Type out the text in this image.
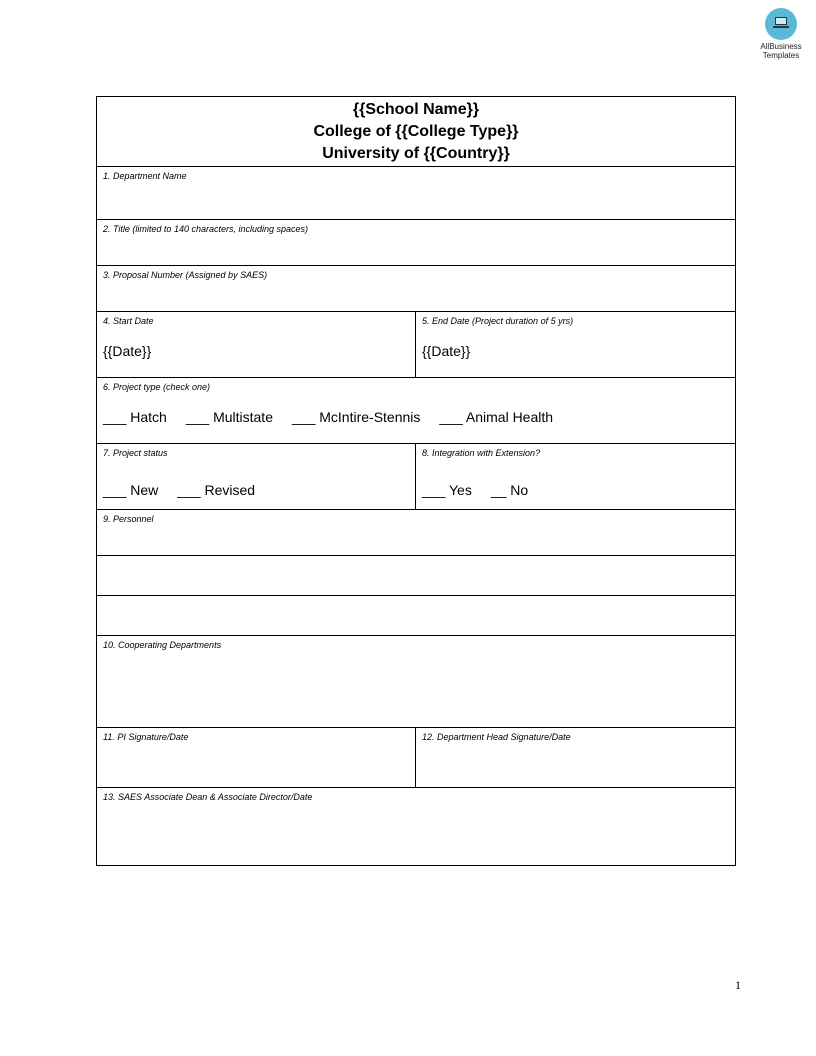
AllBusiness
Templates
{{School Name}}
College of {{College Type}}
University of {{Country}}
1. Department Name
2. Title (limited to 140 characters, including spaces)
3. Proposal Number (Assigned by SAES)
4. Start Date
{{Date}}
5. End Date (Project duration of 5 yrs)
{{Date}}
6. Project type (check one)
___ Hatch ___ Multistate ___ McIntire-Stennis ___ Animal Health
7. Project status
___ New ___ Revised
8. Integration with Extension?
___ Yes __ No
9. Personnel
10. Cooperating Departments
11. PI Signature/Date	12. Department Head Signature/Date
13. SAES Associate Dean & Associate Director/Date
1
